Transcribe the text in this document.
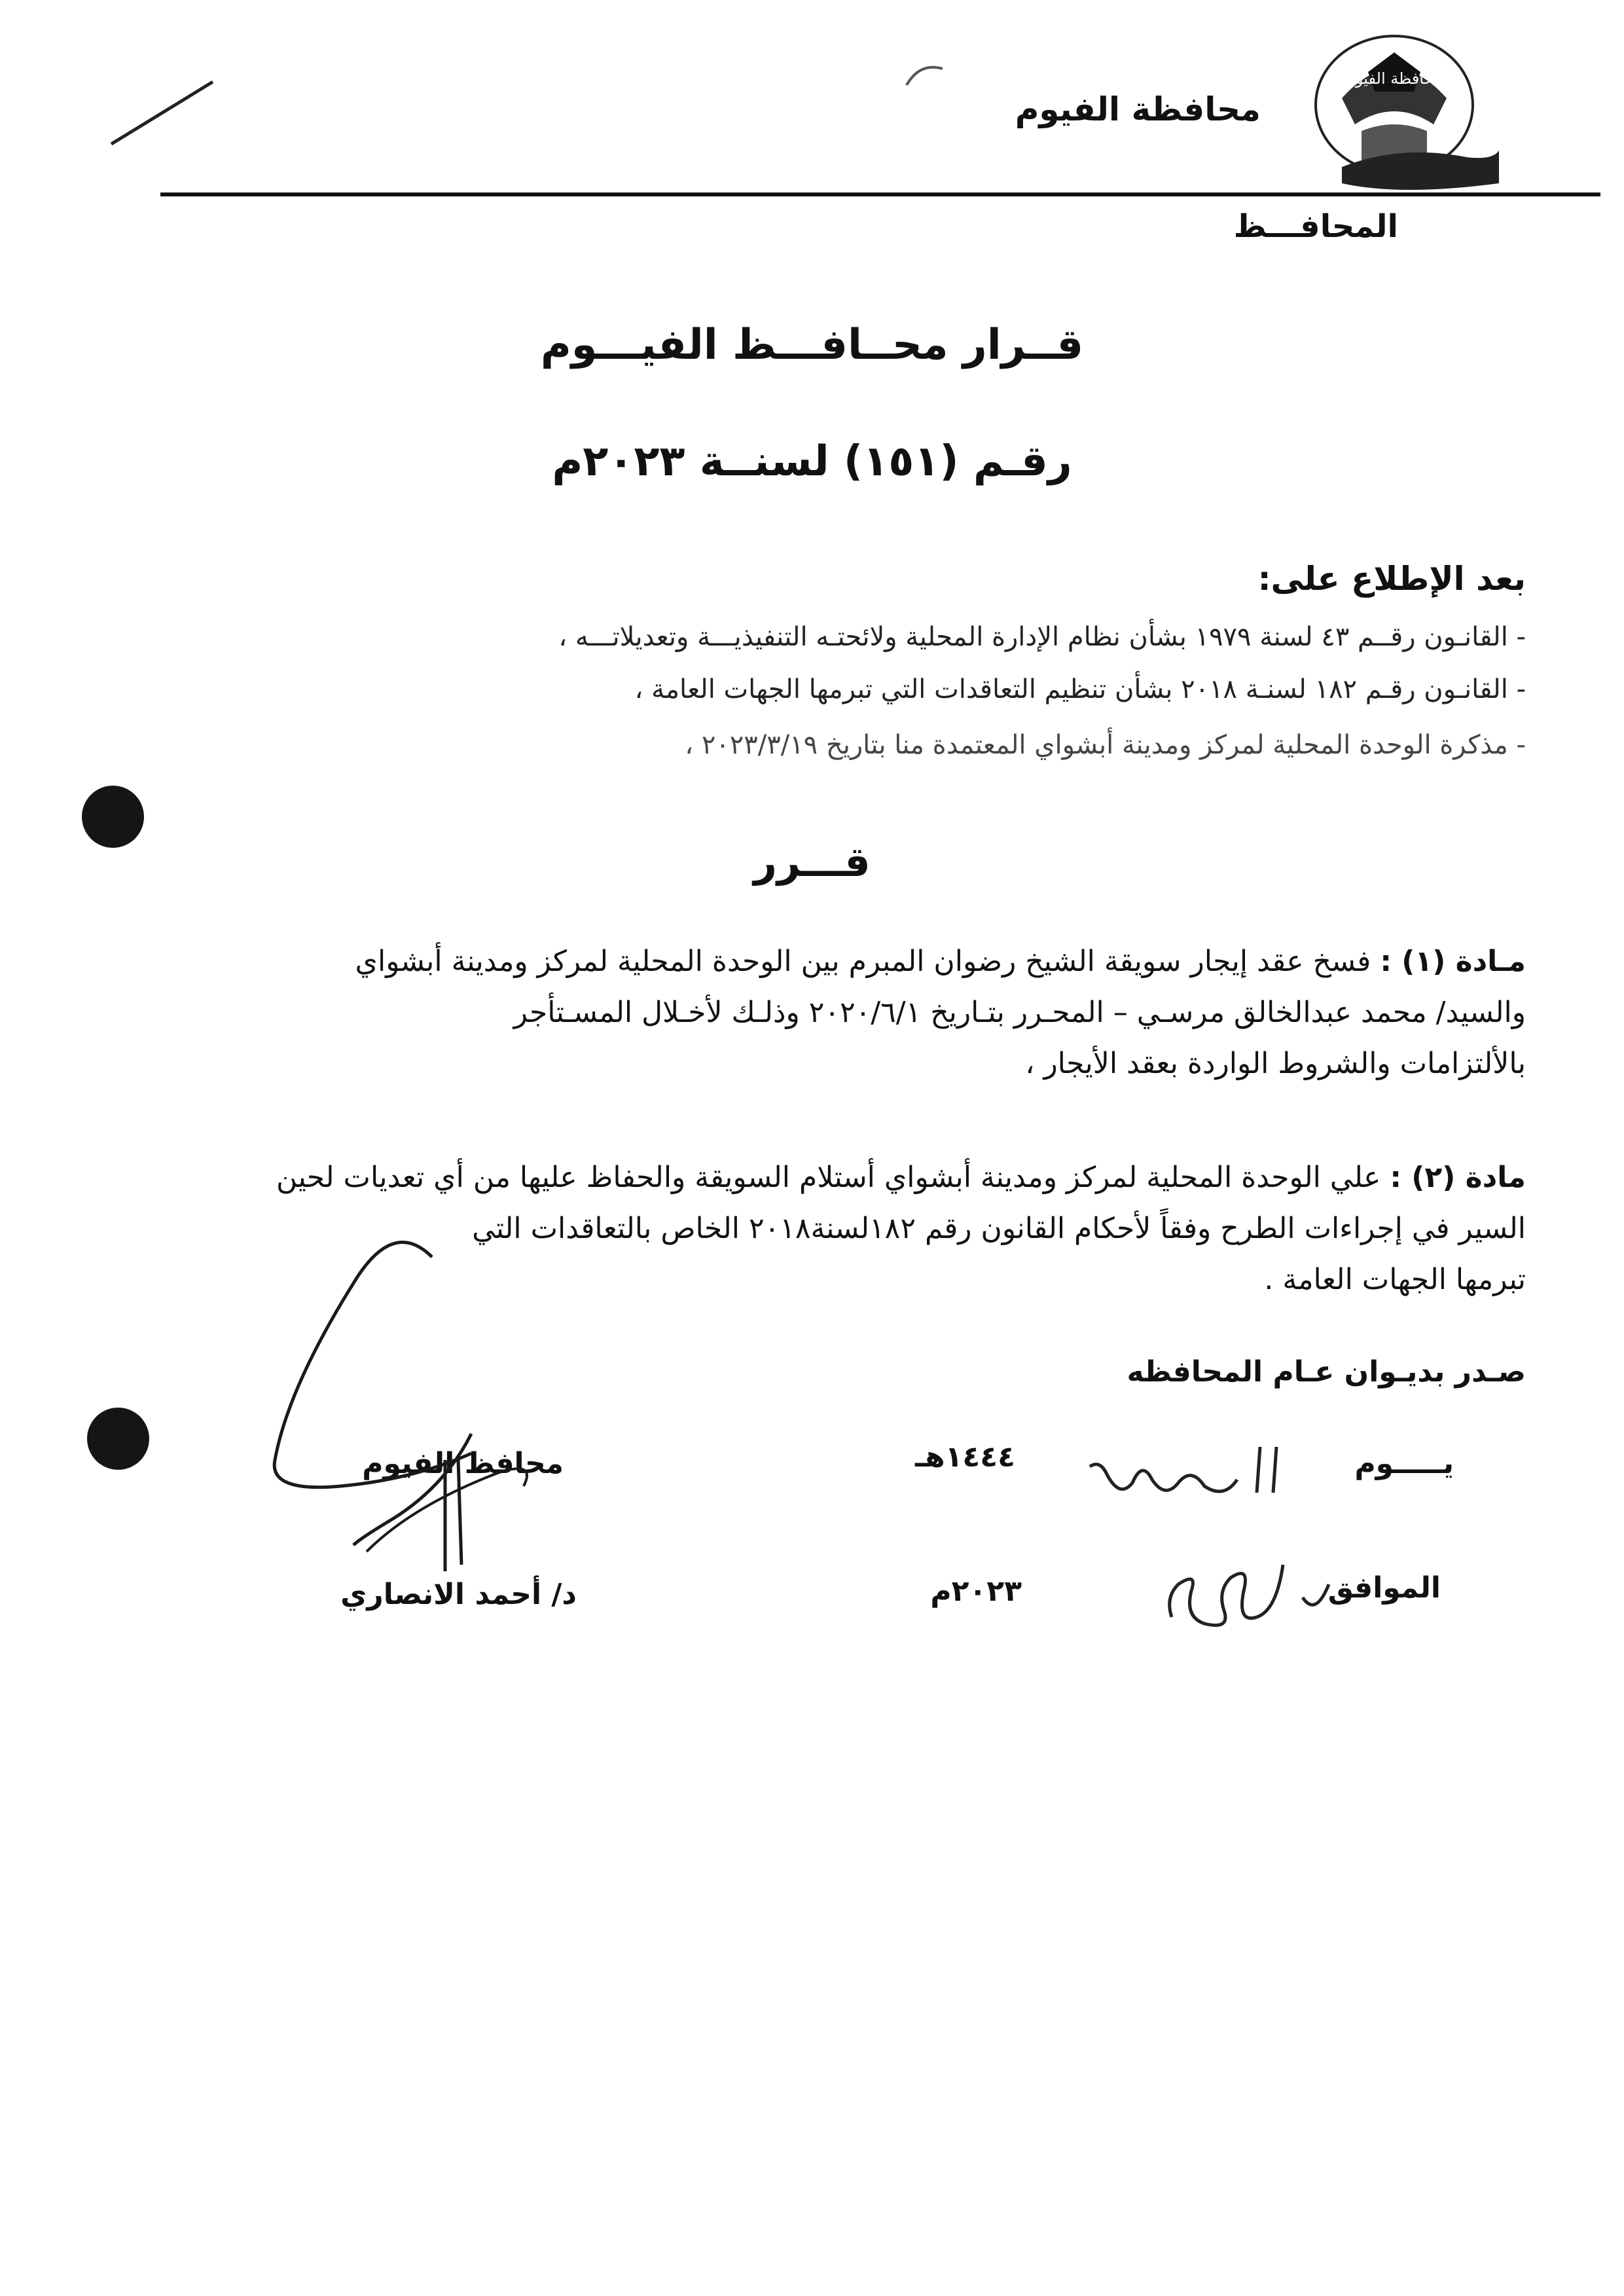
محافظة الفيوم
محافظة الفيوم
المحافـــظ
قــرار محــافـــظ الفيـــوم
رقـم (١٥١) لسنــة ٢٠٢٣م
بعد الإطلاع على:
- القانـون رقــم ٤٣ لسنة ١٩٧٩ بشأن نظام الإدارة المحلية ولائحتـه التنفيذيـــة وتعديلاتـــه ،
- القانـون رقـم ١٨٢ لسنـة ٢٠١٨ بشأن تنظيم التعاقدات التي تبرمها الجهات العامة ،
- مذكرة الوحدة المحلية لمركز ومدينة أبشواي المعتمدة منا بتاريخ ٢٠٢٣/٣/١٩ ،
قـــرر
مـادة (١) : فسخ عقد إيجار سويقة الشيخ رضوان المبرم بين الوحدة المحلية لمركز ومدينة أبشواي
والسيد/ محمد عبدالخالق مرسـي – المحـرر بتـاريخ ٢٠٢٠/٦/١ وذلـك لأخـلال المسـتأجر
بالألتزامات والشروط الواردة بعقد الأيجار ،
مادة (٢) : علي الوحدة المحلية لمركز ومدينة أبشواي أستلام السويقة والحفاظ عليها من أي تعديات لحين
السير في إجراءات الطرح وفقاً لأحكام القانون رقم ١٨٢لسنة٢٠١٨ الخاص بالتعاقدات التي
تبرمها الجهات العامة .
صـدر بديـوان عـام المحافظه
يـــــوم
١٤٤٤هـ
محافظ الفيوم
الموافق
٢٠٢٣م
د/ أحمد الانصاري
